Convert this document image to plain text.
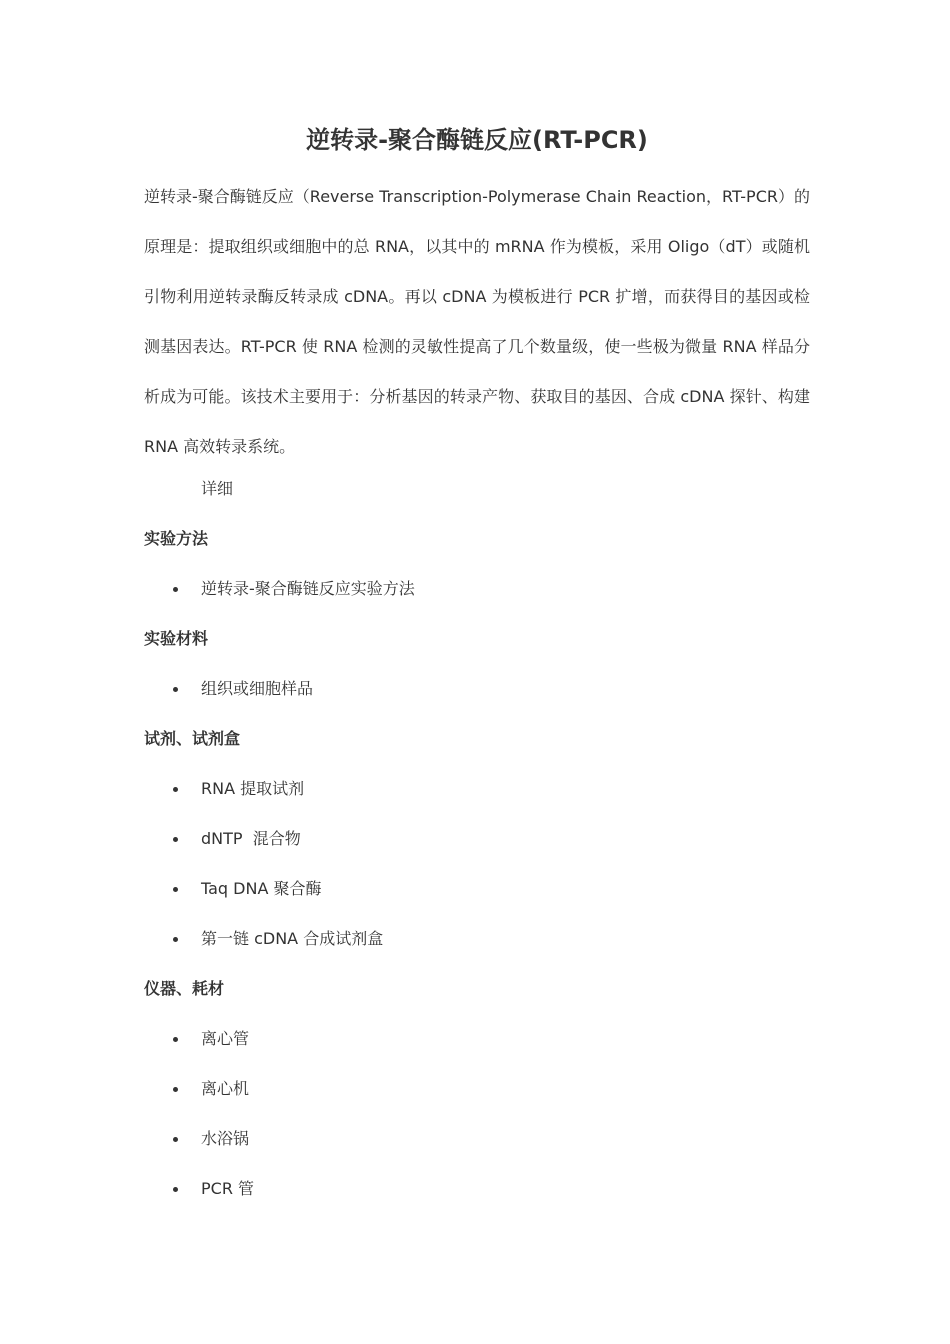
逆转录-聚合酶链反应(RT-PCR)

逆转录-聚合酶链反应（Reverse Transcription-Polymerase Chain Reaction，RT-PCR）的原理是：提取组织或细胞中的总 RNA，以其中的 mRNA 作为模板，采用 Oligo（dT）或随机引物利用逆转录酶反转录成 cDNA。再以 cDNA 为模板进行 PCR 扩增，而获得目的基因或检测基因表达。RT-PCR 使 RNA 检测的灵敏性提高了几个数量级，使一些极为微量 RNA 样品分析成为可能。该技术主要用于：分析基因的转录产物、获取目的基因、合成 cDNA 探针、构建 RNA 高效转录系统。

详细

实验方法
逆转录-聚合酶链反应实验方法
实验材料
组织或细胞样品
试剂、试剂盒
RNA 提取试剂
dNTP  混合物
Taq DNA 聚合酶
第一链 cDNA 合成试剂盒
仪器、耗材
离心管
离心机
水浴锅
PCR 管
